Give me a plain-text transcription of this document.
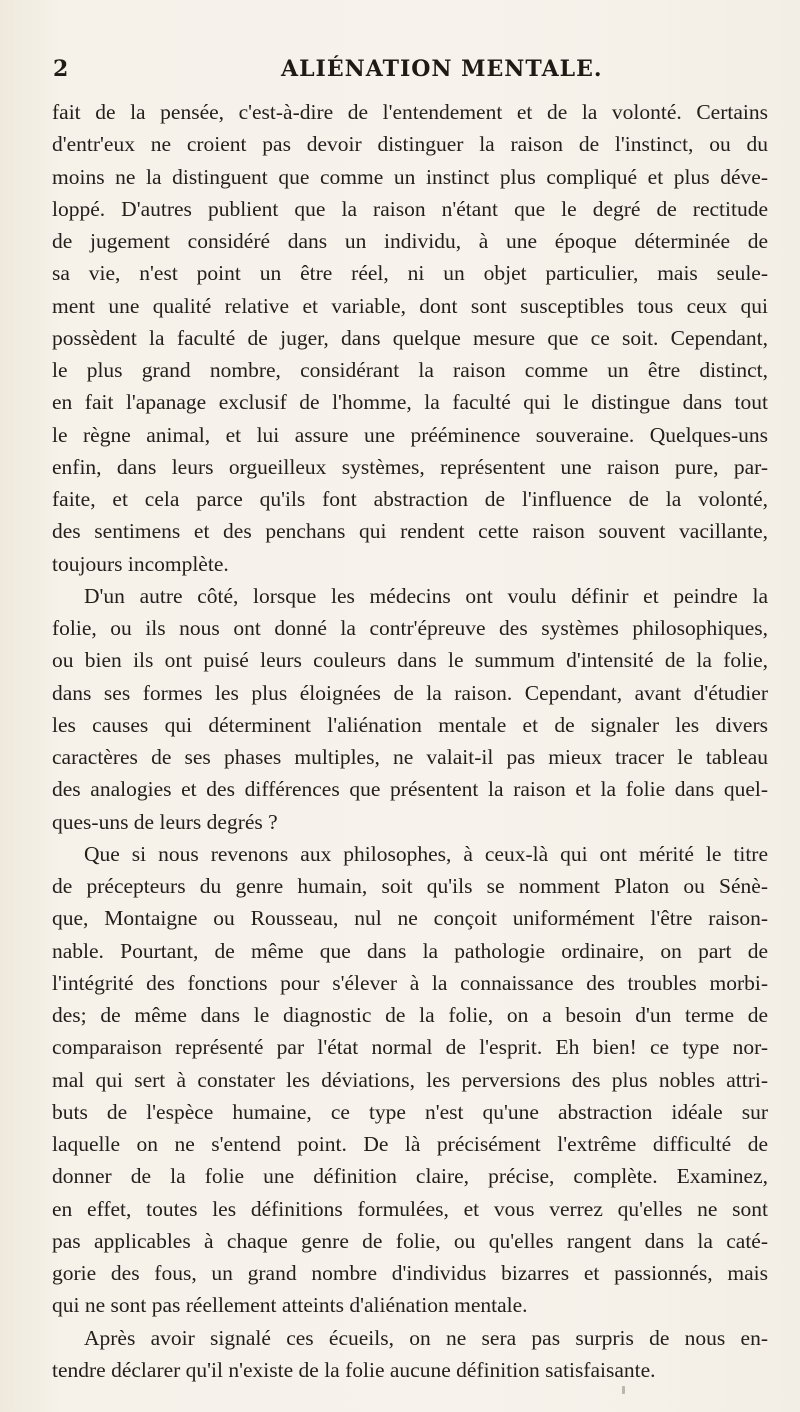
2	ALIÉNATION MENTALE.

fait de la pensée, c'est-à-dire de l'entendement et de la volonté. Certains
d'entr'eux ne croient pas devoir distinguer la raison de l'instinct, ou du
moins ne la distinguent que comme un instinct plus compliqué et plus déve-
loppé. D'autres publient que la raison n'étant que le degré de rectitude
de jugement considéré dans un individu, à une époque déterminée de
sa vie, n'est point un être réel, ni un objet particulier, mais seule-
ment une qualité relative et variable, dont sont susceptibles tous ceux qui
possèdent la faculté de juger, dans quelque mesure que ce soit. Cependant,
le plus grand nombre, considérant la raison comme un être distinct,
en fait l'apanage exclusif de l'homme, la faculté qui le distingue dans tout
le règne animal, et lui assure une prééminence souveraine. Quelques-uns
enfin, dans leurs orgueilleux systèmes, représentent une raison pure, par-
faite, et cela parce qu'ils font abstraction de l'influence de la volonté,
des sentimens et des penchans qui rendent cette raison souvent vacillante,
toujours incomplète.

D'un autre côté, lorsque les médecins ont voulu définir et peindre la
folie, ou ils nous ont donné la contr'épreuve des systèmes philosophiques,
ou bien ils ont puisé leurs couleurs dans le summum d'intensité de la folie,
dans ses formes les plus éloignées de la raison. Cependant, avant d'étudier
les causes qui déterminent l'aliénation mentale et de signaler les divers
caractères de ses phases multiples, ne valait-il pas mieux tracer le tableau
des analogies et des différences que présentent la raison et la folie dans quel-
ques-uns de leurs degrés ?

Que si nous revenons aux philosophes, à ceux-là qui ont mérité le titre
de précepteurs du genre humain, soit qu'ils se nomment Platon ou Sénè-
que, Montaigne ou Rousseau, nul ne conçoit uniformément l'être raison-
nable. Pourtant, de même que dans la pathologie ordinaire, on part de
l'intégrité des fonctions pour s'élever à la connaissance des troubles morbi-
des; de même dans le diagnostic de la folie, on a besoin d'un terme de
comparaison représenté par l'état normal de l'esprit. Eh bien! ce type nor-
mal qui sert à constater les déviations, les perversions des plus nobles attri-
buts de l'espèce humaine, ce type n'est qu'une abstraction idéale sur
laquelle on ne s'entend point. De là précisément l'extrême difficulté de
donner de la folie une définition claire, précise, complète. Examinez,
en effet, toutes les définitions formulées, et vous verrez qu'elles ne sont
pas applicables à chaque genre de folie, ou qu'elles rangent dans la caté-
gorie des fous, un grand nombre d'individus bizarres et passionnés, mais
qui ne sont pas réellement atteints d'aliénation mentale.

Après avoir signalé ces écueils, on ne sera pas surpris de nous en-
tendre déclarer qu'il n'existe de la folie aucune définition satisfaisante.
